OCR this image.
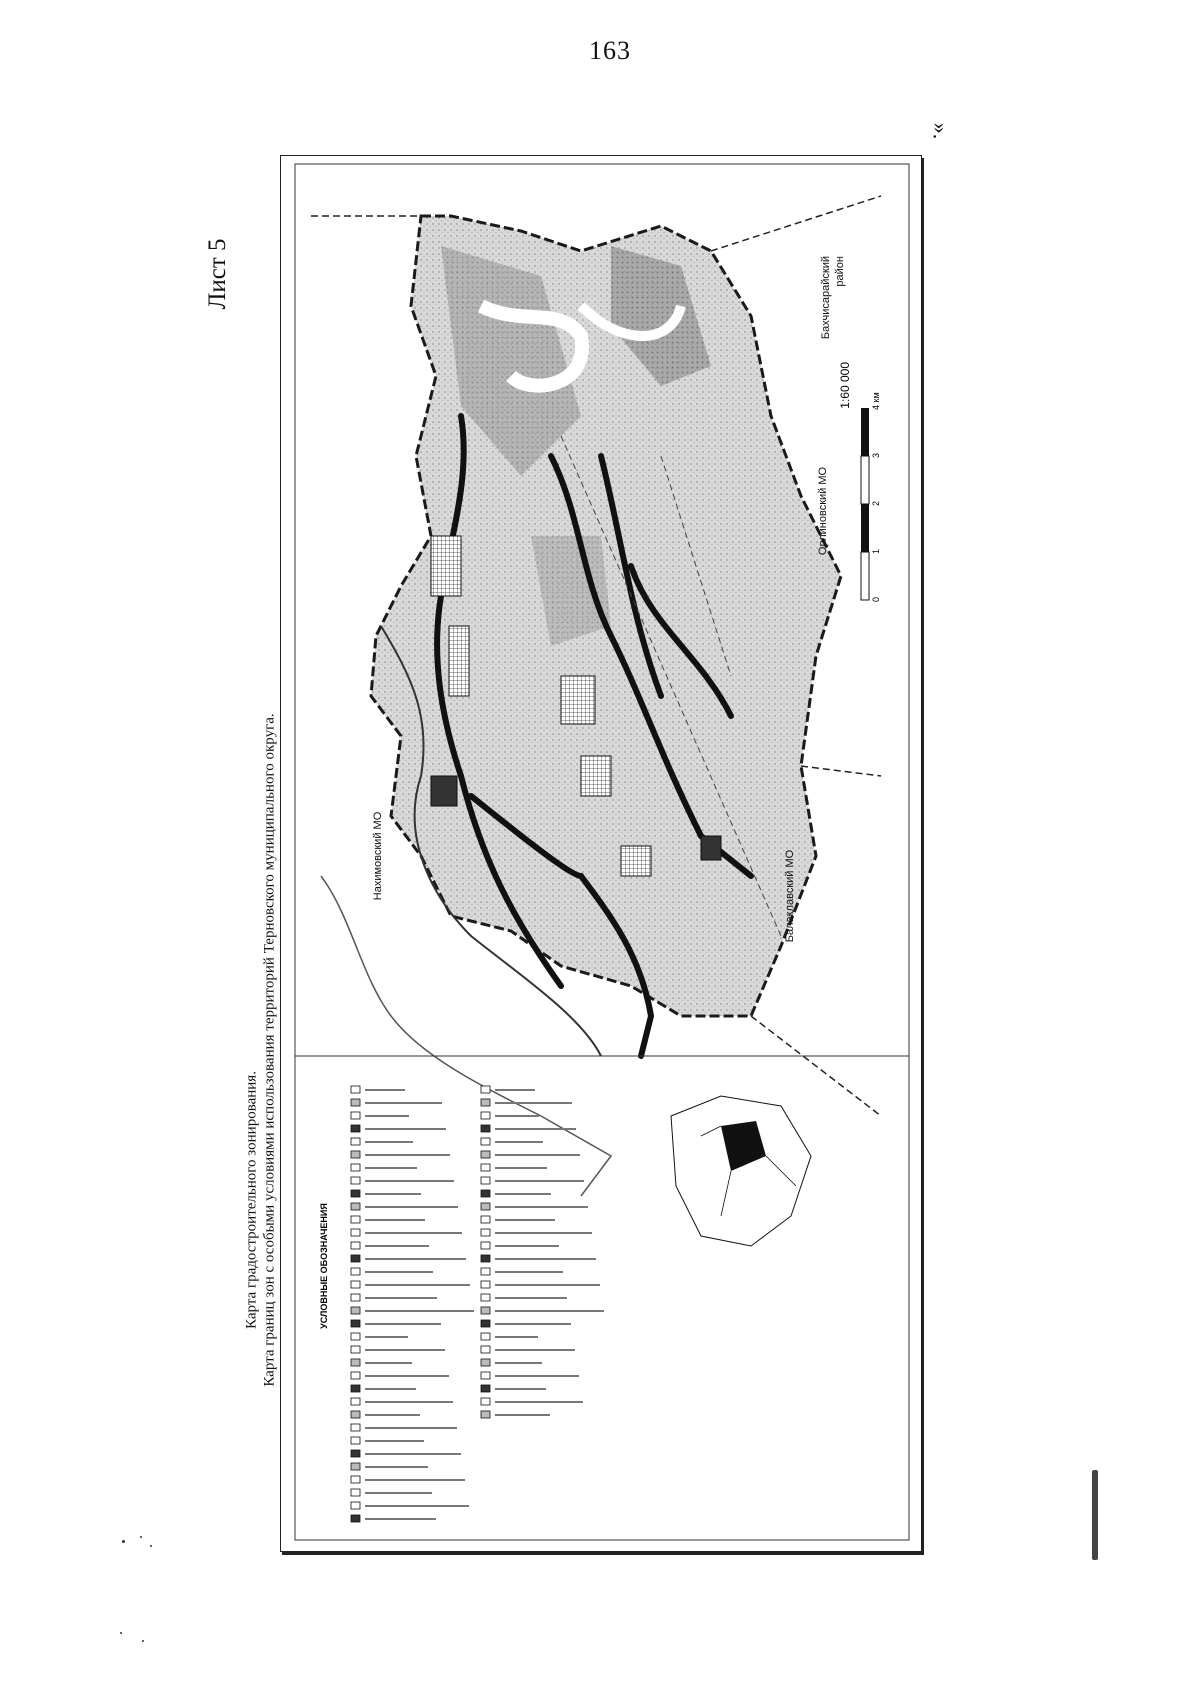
163
».
Лист 5
Карта градостроительного зонирования. Карта границ зон с особыми условиями использования территорий Терновского муниципального округа.
Бахчисарайский район
Орлиновский МО
Нахимовский МО	Балаклавский МО
1:60 000
0
1
2
3
4 км
УСЛОВНЫЕ ОБОЗНАЧЕНИЯ
